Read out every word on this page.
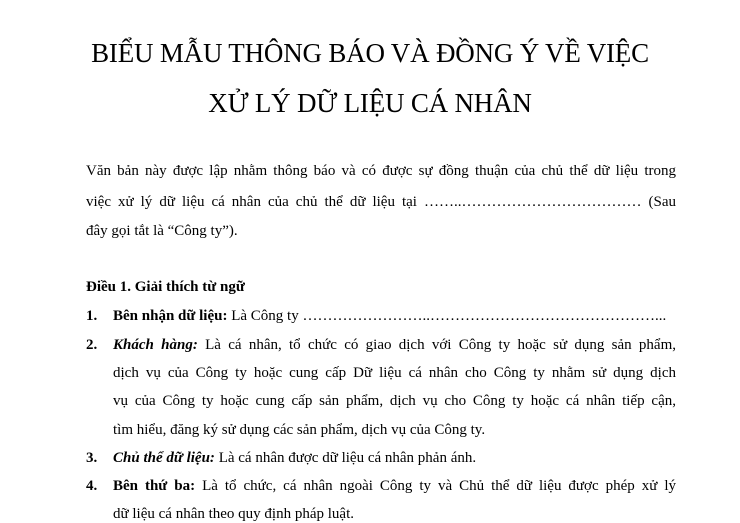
BIỂU MẪU THÔNG BÁO VÀ ĐỒNG Ý VỀ VIỆC
XỬ LÝ DỮ LIỆU CÁ NHÂN
Văn bản này được lập nhằm thông báo và có được sự đồng thuận của chủ thể dữ liệu trong
việc xử lý dữ liệu cá nhân của chủ thể dữ liệu tại ……..……………………………… (Sau
đây gọi tắt là “Công ty”).
Điều 1. Giải thích từ ngữ
1. Bên nhận dữ liệu: Là Công ty ……………………..………………………………………...
2. Khách hàng: Là cá nhân, tổ chức có giao dịch với Công ty hoặc sử dụng sản phẩm,
dịch vụ của Công ty hoặc cung cấp Dữ liệu cá nhân cho Công ty nhằm sử dụng dịch
vụ của Công ty hoặc cung cấp sản phẩm, dịch vụ cho Công ty hoặc cá nhân tiếp cận,
tìm hiểu, đăng ký sử dụng các sản phẩm, dịch vụ của Công ty.
3. Chủ thể dữ liệu: Là cá nhân được dữ liệu cá nhân phản ánh.
4. Bên thứ ba: Là tổ chức, cá nhân ngoài Công ty và Chủ thể dữ liệu được phép xử lý
dữ liệu cá nhân theo quy định pháp luật.
